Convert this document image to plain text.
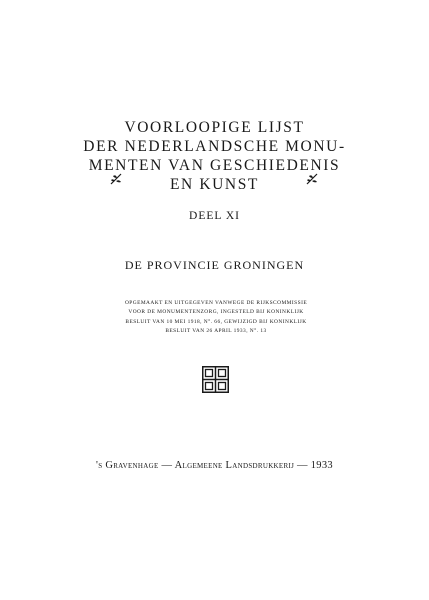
VOORLOOPIGE LIJST
DER NEDERLANDSCHE MONU-
MENTEN VAN GESCHIEDENIS
EN KUNST
DEEL XI
DE PROVINCIE GRONINGEN
OPGEMAAKT EN UITGEGEVEN VANWEGE DE RIJKSCOMMISSIE
VOOR DE MONUMENTENZORG, INGESTELD BIJ KONINKLIJK
BESLUIT VAN 10 MEI 1918, N°. 66, GEWIJZIGD BIJ KONINKLIJK
BESLUIT VAN 26 APRIL 1933, N°. 13
's Gravenhage — Algemeene Landsdrukkerij — 1933
